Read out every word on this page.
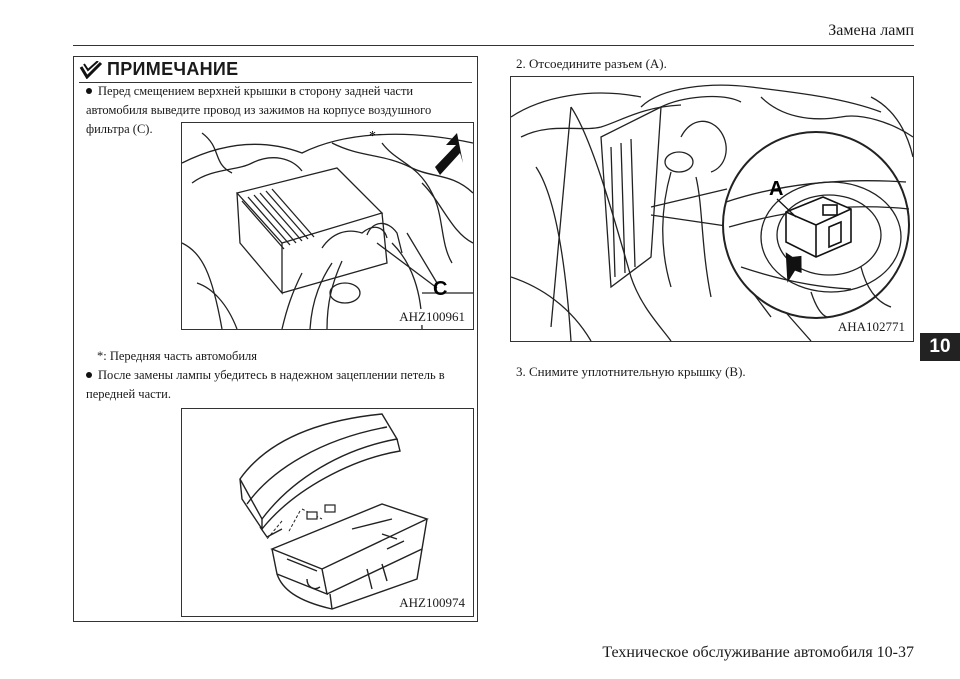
Замена ламп
ПРИМЕЧАНИЕ
Перед смещением верхней крышки в сторону задней части автомобиля выведите провод из зажимов на корпусе воздушного фильтра (C).	*
C
AHZ100961
*: Передняя часть автомобиля
После замены лампы убедитесь в надежном зацеплении петель в передней части.
AHZ100974
2. Отсоедините разъем (A).
A
AHA102771
3. Снимите уплотнительную крышку (B).
10
Техническое обслуживание автомобиля 10-37
